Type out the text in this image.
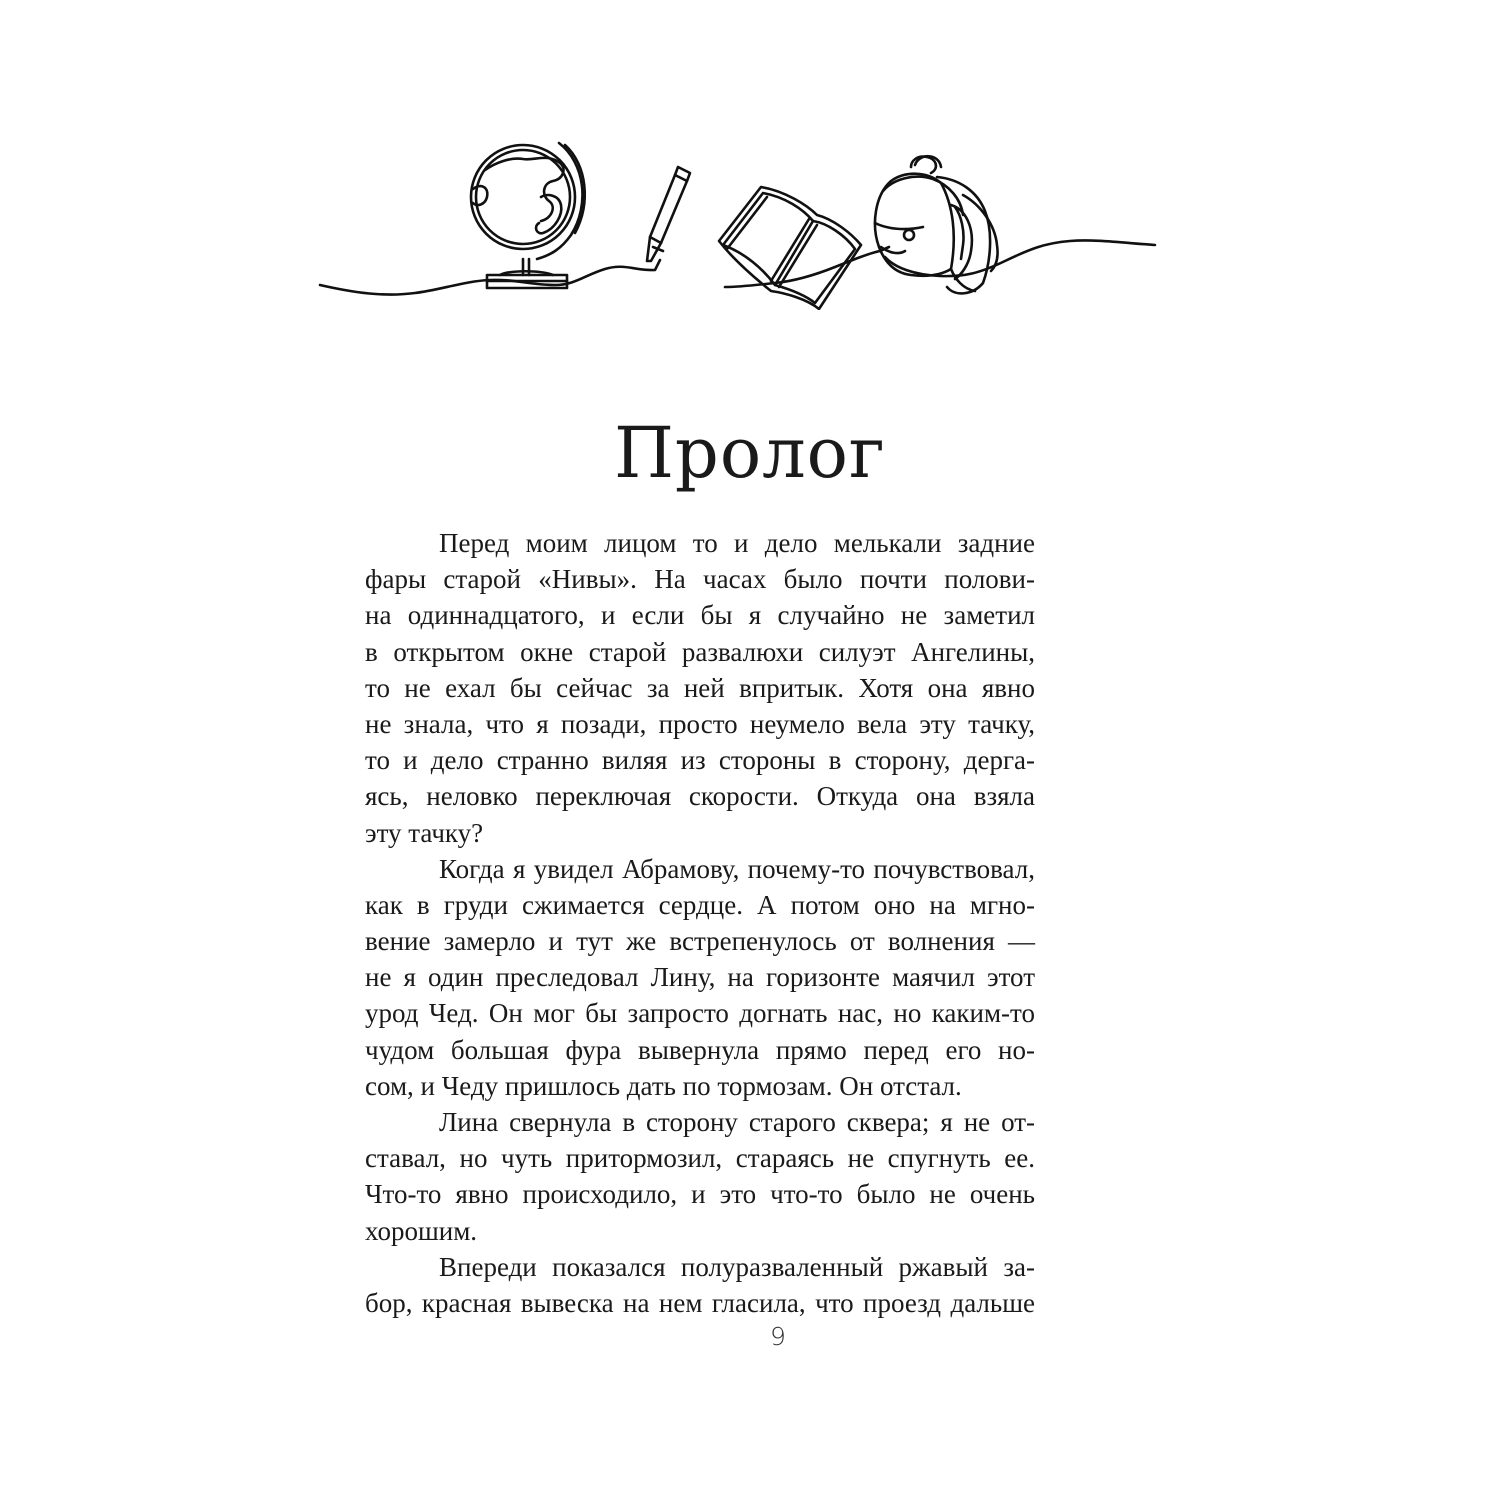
Пролог
Перед моим лицом то и дело мелькали задние
фары старой «Нивы». На часах было почти полови-
на одиннадцатого, и если бы я случайно не заметил
в открытом окне старой развалюхи силуэт Ангелины,
то не ехал бы сейчас за ней впритык. Хотя она явно
не знала, что я позади, просто неумело вела эту тачку,
то и дело странно виляя из стороны в сторону, дерга-
ясь, неловко переключая скорости. Откуда она взяла
эту тачку?
Когда я увидел Абрамову, почему-то почувствовал,
как в груди сжимается сердце. А потом оно на мгно-
вение замерло и тут же встрепенулось от волнения —
не я один преследовал Лину, на горизонте маячил этот
урод Чед. Он мог бы запросто догнать нас, но каким-то
чудом большая фура вывернула прямо перед его но-
сом, и Чеду пришлось дать по тормозам. Он отстал.
Лина свернула в сторону старого сквера; я не от-
ставал, но чуть притормозил, стараясь не спугнуть ее.
Что-то явно происходило, и это что-то было не очень
хорошим.
Впереди показался полуразваленный ржавый за-
бор, красная вывеска на нем гласила, что проезд дальше
9
